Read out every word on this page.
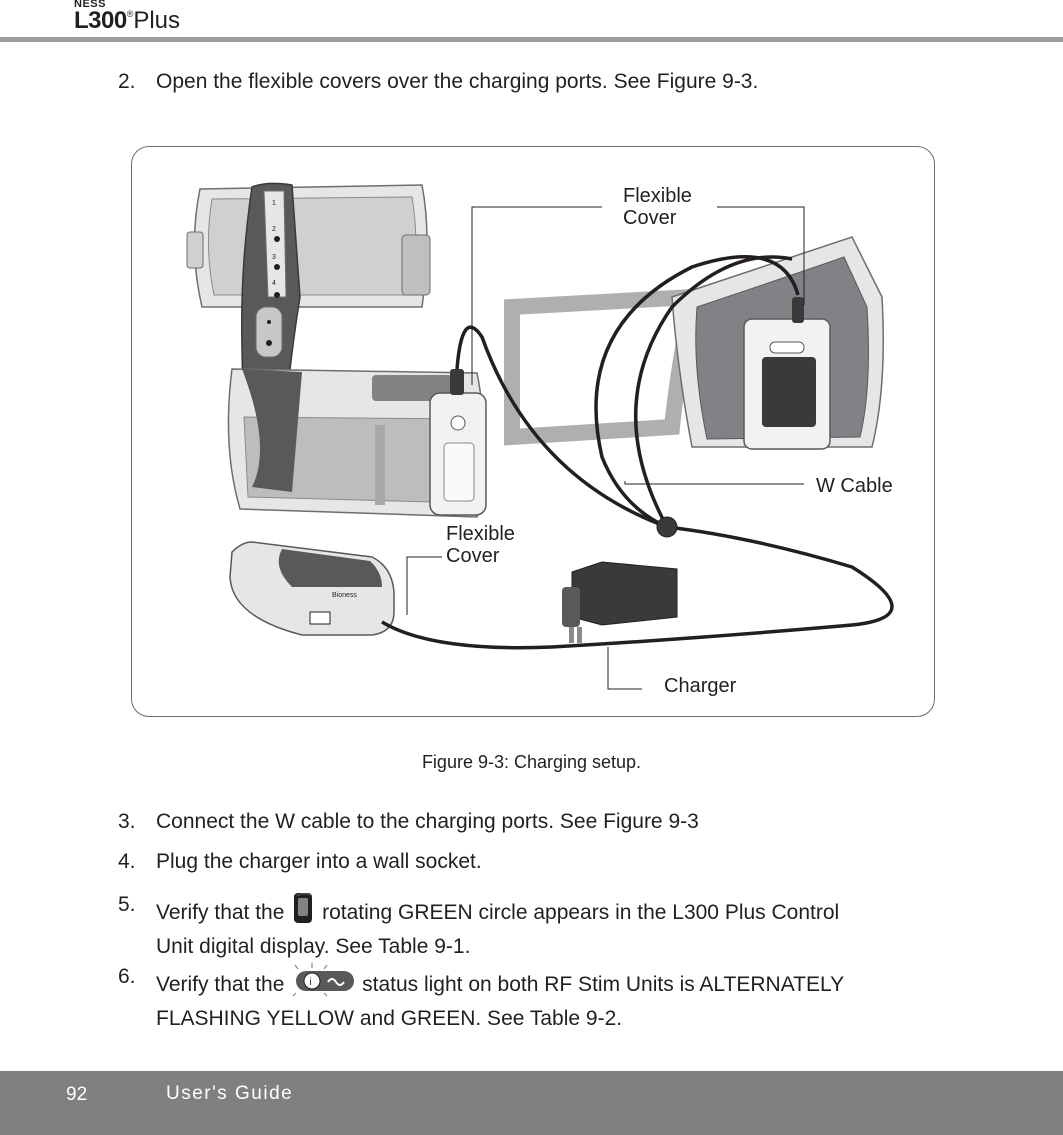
NESS
L300®Plus
2. Open the flexible covers over the charging ports. See Figure 9-3.
1
2
3
4
Bioness
Flexible
Cover
W Cable
Flexible
Cover
Charger
Figure 9-3: Charging setup.
3. Connect the W cable to the charging ports. See Figure 9-3
4. Plug the charger into a wall socket.
5. Verify that the rotating GREEN circle appears in the L300 Plus Control
Unit digital display. See Table 9-1.
6. Verify that the	i status light on both RF Stim Units is ALTERNATELY
FLASHING YELLOW and GREEN. See Table 9-2.
92	User's Guide
